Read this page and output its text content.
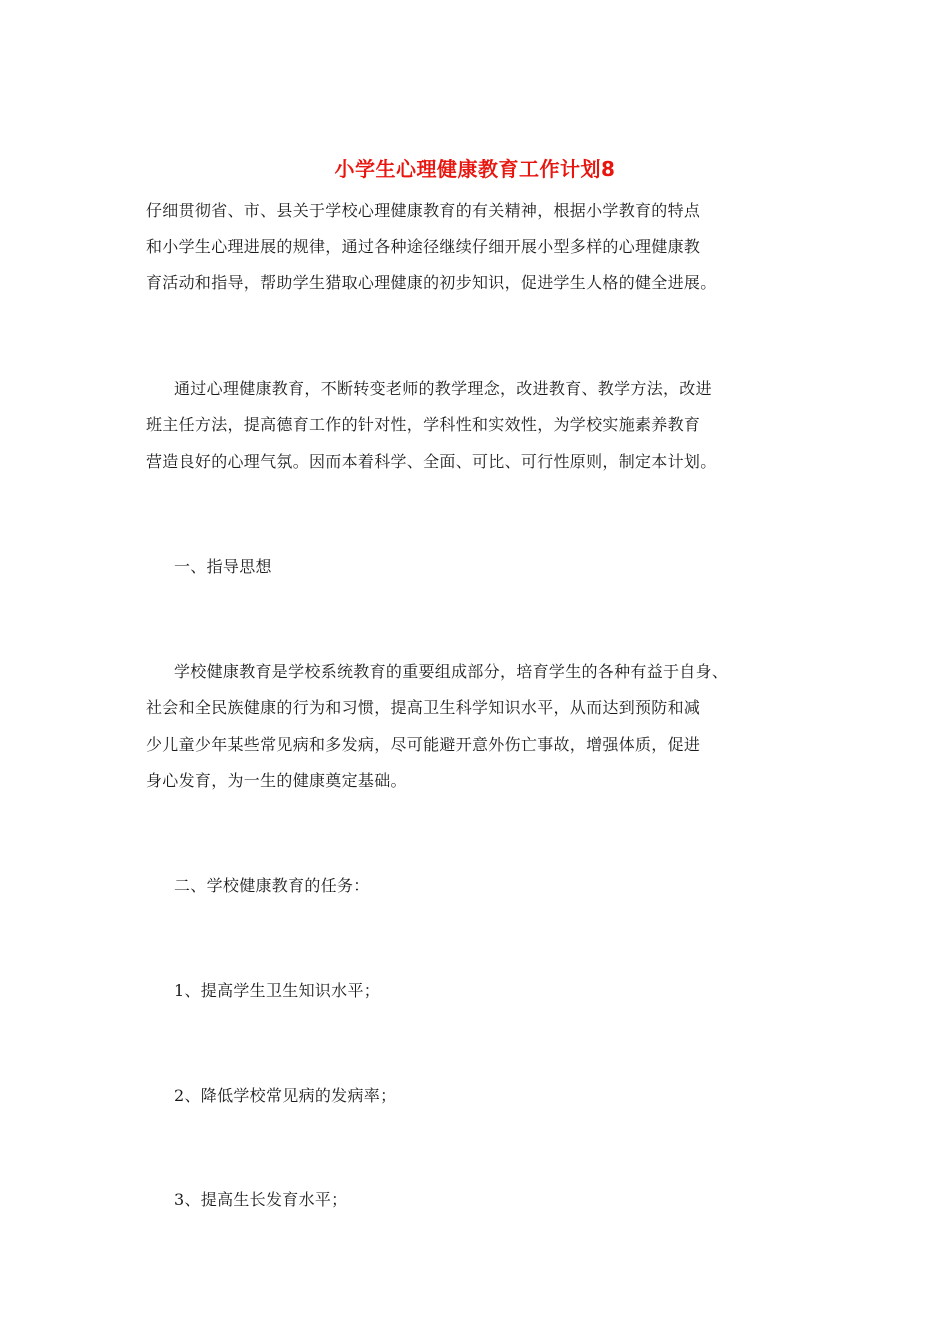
小学生心理健康教育工作计划8
仔细贯彻省、市、县关于学校心理健康教育的有关精神，根据小学教育的特点
和小学生心理进展的规律，通过各种途径继续仔细开展小型多样的心理健康教
育活动和指导，帮助学生猎取心理健康的初步知识，促进学生人格的健全进展。
通过心理健康教育，不断转变老师的教学理念，改进教育、教学方法，改进
班主任方法，提高德育工作的针对性，学科性和实效性，为学校实施素养教育
营造良好的心理气氛。因而本着科学、全面、可比、可行性原则，制定本计划。
一、指导思想
学校健康教育是学校系统教育的重要组成部分，培育学生的各种有益于自身、
社会和全民族健康的行为和习惯，提高卫生科学知识水平，从而达到预防和减
少儿童少年某些常见病和多发病，尽可能避开意外伤亡事故，增强体质，促进
身心发育，为一生的健康奠定基础。
二、学校健康教育的任务：
1、提高学生卫生知识水平；
2、降低学校常见病的发病率；
3、提高生长发育水平；
